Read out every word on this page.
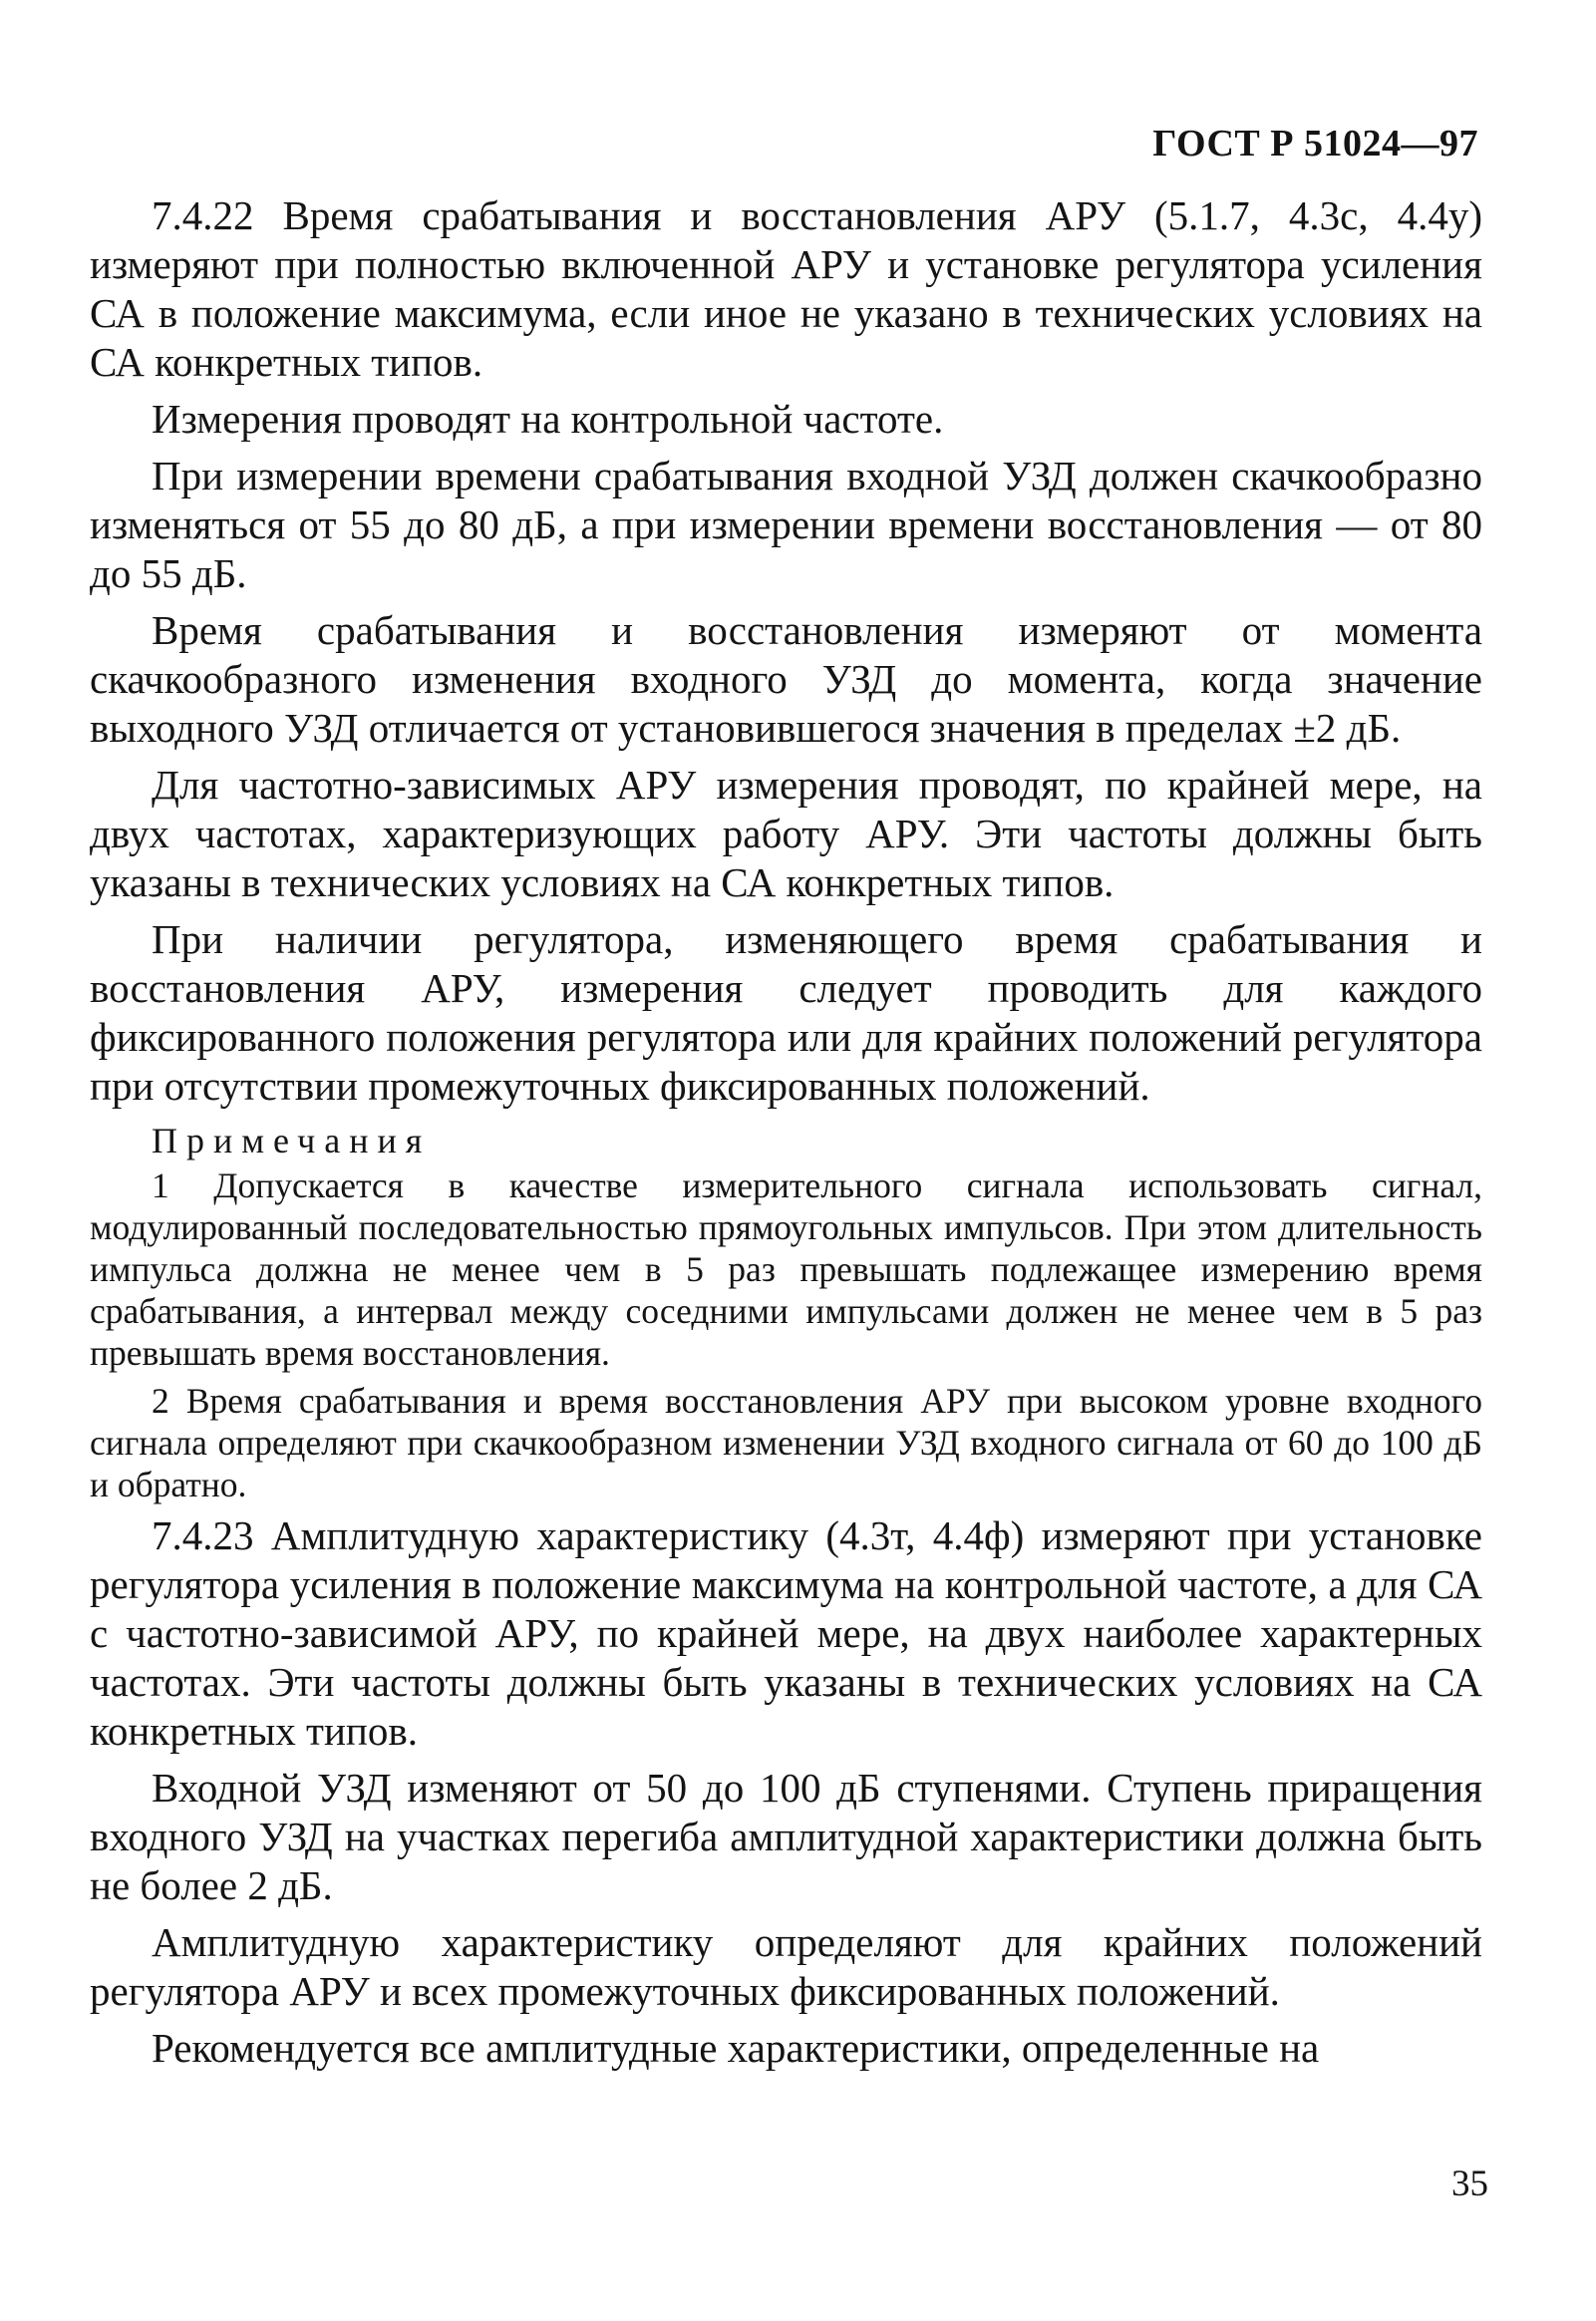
ГОСТ Р 51024—97

7.4.22 Время срабатывания и восстановления АРУ (5.1.7, 4.3с, 4.4у) измеряют при полностью включенной АРУ и установке регулятора усиления СА в положение максимума, если иное не указано в технических условиях на СА конкретных типов.

Измерения проводят на контрольной частоте.

При измерении времени срабатывания входной УЗД должен скачкообразно изменяться от 55 до 80 дБ, а при измерении времени восстановления — от 80 до 55 дБ.

Время срабатывания и восстановления измеряют от момента скачкообразного изменения входного УЗД до момента, когда значение выходного УЗД отличается от установившегося значения в пределах ±2 дБ.

Для частотно-зависимых АРУ измерения проводят, по крайней мере, на двух частотах, характеризующих работу АРУ. Эти частоты должны быть указаны в технических условиях на СА конкретных типов.

При наличии регулятора, изменяющего время срабатывания и восстановления АРУ, измерения следует проводить для каждого фиксированного положения регулятора или для крайних положений регулятора при отсутствии промежуточных фиксированных положений.

Примечания

1 Допускается в качестве измерительного сигнала использовать сигнал, модулированный последовательностью прямоугольных импульсов. При этом длительность импульса должна не менее чем в 5 раз превышать подлежащее измерению время срабатывания, а интервал между соседними импульсами должен не менее чем в 5 раз превышать время восстановления.

2 Время срабатывания и время восстановления АРУ при высоком уровне входного сигнала определяют при скачкообразном изменении УЗД входного сигнала от 60 до 100 дБ и обратно.

7.4.23 Амплитудную характеристику (4.3т, 4.4ф) измеряют при установке регулятора усиления в положение максимума на контрольной частоте, а для СА с частотно-зависимой АРУ, по крайней мере, на двух наиболее характерных частотах. Эти частоты должны быть указаны в технических условиях на СА конкретных типов.

Входной УЗД изменяют от 50 до 100 дБ ступенями. Ступень приращения входного УЗД на участках перегиба амплитудной характеристики должна быть не более 2 дБ.

Амплитудную характеристику определяют для крайних положений регулятора АРУ и всех промежуточных фиксированных положений.

Рекомендуется все амплитудные характеристики, определенные на

35
